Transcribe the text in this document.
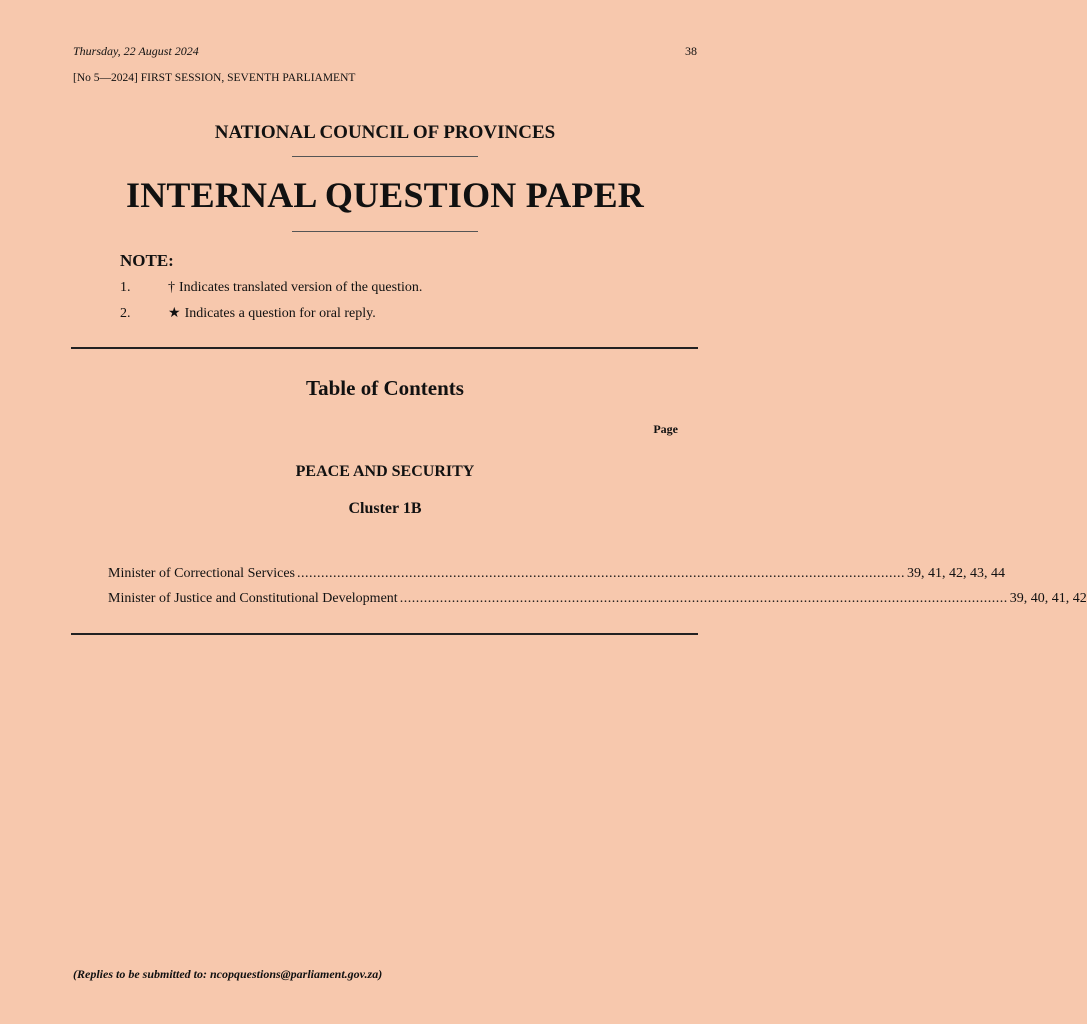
Thursday, 22 August 2024	38
[No 5—2024] FIRST SESSION, SEVENTH PARLIAMENT
NATIONAL COUNCIL OF PROVINCES
INTERNAL QUESTION PAPER
NOTE:
1.	† Indicates translated version of the question.
2.	★ Indicates a question for oral reply.
Table of Contents
Page
PEACE AND SECURITY
Cluster 1B
Minister of Correctional Services ........................................................................................................................................................ 39, 41, 42, 43, 44
Minister of Justice and Constitutional Development ........................................................................................................................................................ 39, 40, 41, 42
(Replies to be submitted to: ncopquestions@parliament.gov.za)
